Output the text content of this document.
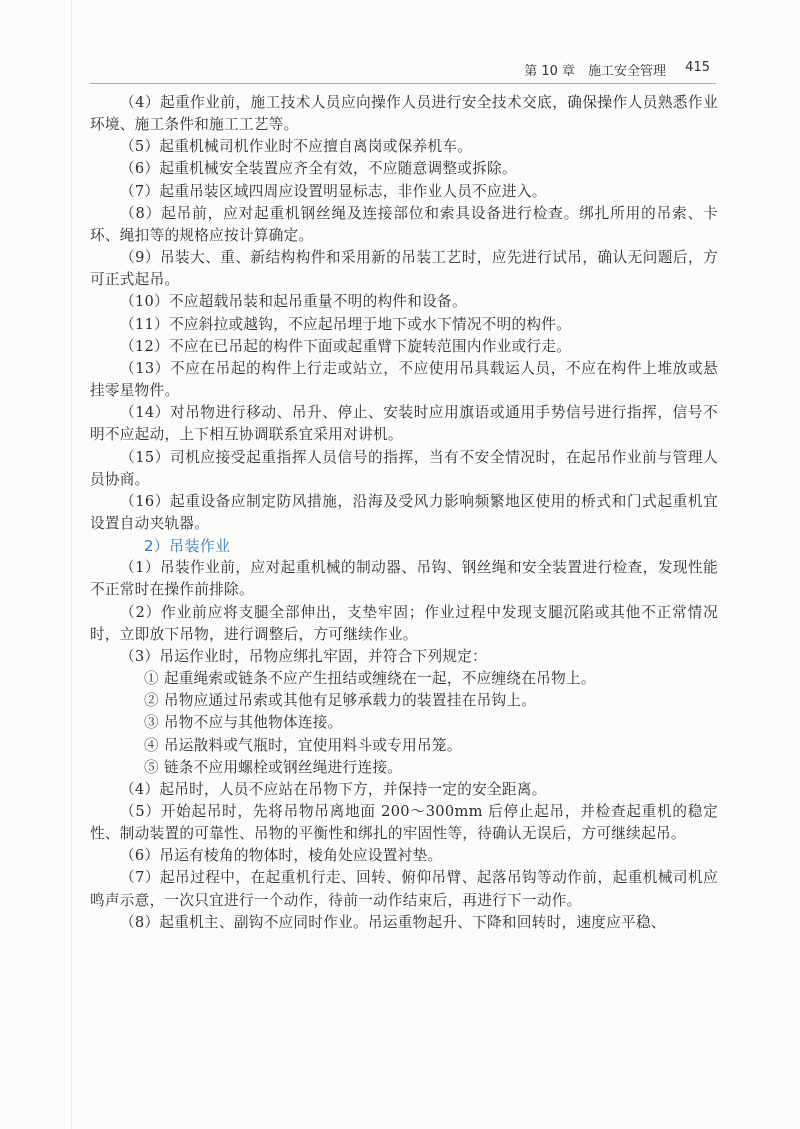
第 10 章　施工安全管理 415

（4）起重作业前，施工技术人员应向操作人员进行安全技术交底，确保操作人员熟悉作业环境、施工条件和施工工艺等。

（5）起重机械司机作业时不应擅自离岗或保养机车。

（6）起重机械安全装置应齐全有效，不应随意调整或拆除。

（7）起重吊装区域四周应设置明显标志，非作业人员不应进入。

（8）起吊前，应对起重机钢丝绳及连接部位和索具设备进行检查。绑扎所用的吊索、卡环、绳扣等的规格应按计算确定。

（9）吊装大、重、新结构构件和采用新的吊装工艺时，应先进行试吊，确认无问题后，方可正式起吊。

（10）不应超载吊装和起吊重量不明的构件和设备。

（11）不应斜拉或越钩，不应起吊埋于地下或水下情况不明的构件。

（12）不应在已吊起的构件下面或起重臂下旋转范围内作业或行走。

（13）不应在吊起的构件上行走或站立，不应使用吊具载运人员，不应在构件上堆放或悬挂零星物件。

（14）对吊物进行移动、吊升、停止、安装时应用旗语或通用手势信号进行指挥，信号不明不应起动，上下相互协调联系宜采用对讲机。

（15）司机应接受起重指挥人员信号的指挥，当有不安全情况时，在起吊作业前与管理人员协商。

（16）起重设备应制定防风措施，沿海及受风力影响频繁地区使用的桥式和门式起重机宜设置自动夹轨器。

2）吊装作业

（1）吊装作业前，应对起重机械的制动器、吊钩、钢丝绳和安全装置进行检查，发现性能不正常时在操作前排除。

（2）作业前应将支腿全部伸出，支垫牢固；作业过程中发现支腿沉陷或其他不正常情况时，立即放下吊物，进行调整后，方可继续作业。

（3）吊运作业时，吊物应绑扎牢固，并符合下列规定：

① 起重绳索或链条不应产生扭结或缠绕在一起，不应缠绕在吊物上。

② 吊物应通过吊索或其他有足够承载力的装置挂在吊钩上。

③ 吊物不应与其他物体连接。

④ 吊运散料或气瓶时，宜使用料斗或专用吊笼。

⑤ 链条不应用螺栓或钢丝绳进行连接。

（4）起吊时，人员不应站在吊物下方，并保持一定的安全距离。

（5）开始起吊时，先将吊物吊离地面 200～300mm 后停止起吊，并检查起重机的稳定性、制动装置的可靠性、吊物的平衡性和绑扎的牢固性等，待确认无误后，方可继续起吊。

（6）吊运有棱角的物体时，棱角处应设置衬垫。

（7）起吊过程中，在起重机行走、回转、俯仰吊臂、起落吊钩等动作前，起重机械司机应鸣声示意，一次只宜进行一个动作，待前一动作结束后，再进行下一动作。

（8）起重机主、副钩不应同时作业。吊运重物起升、下降和回转时，速度应平稳、
